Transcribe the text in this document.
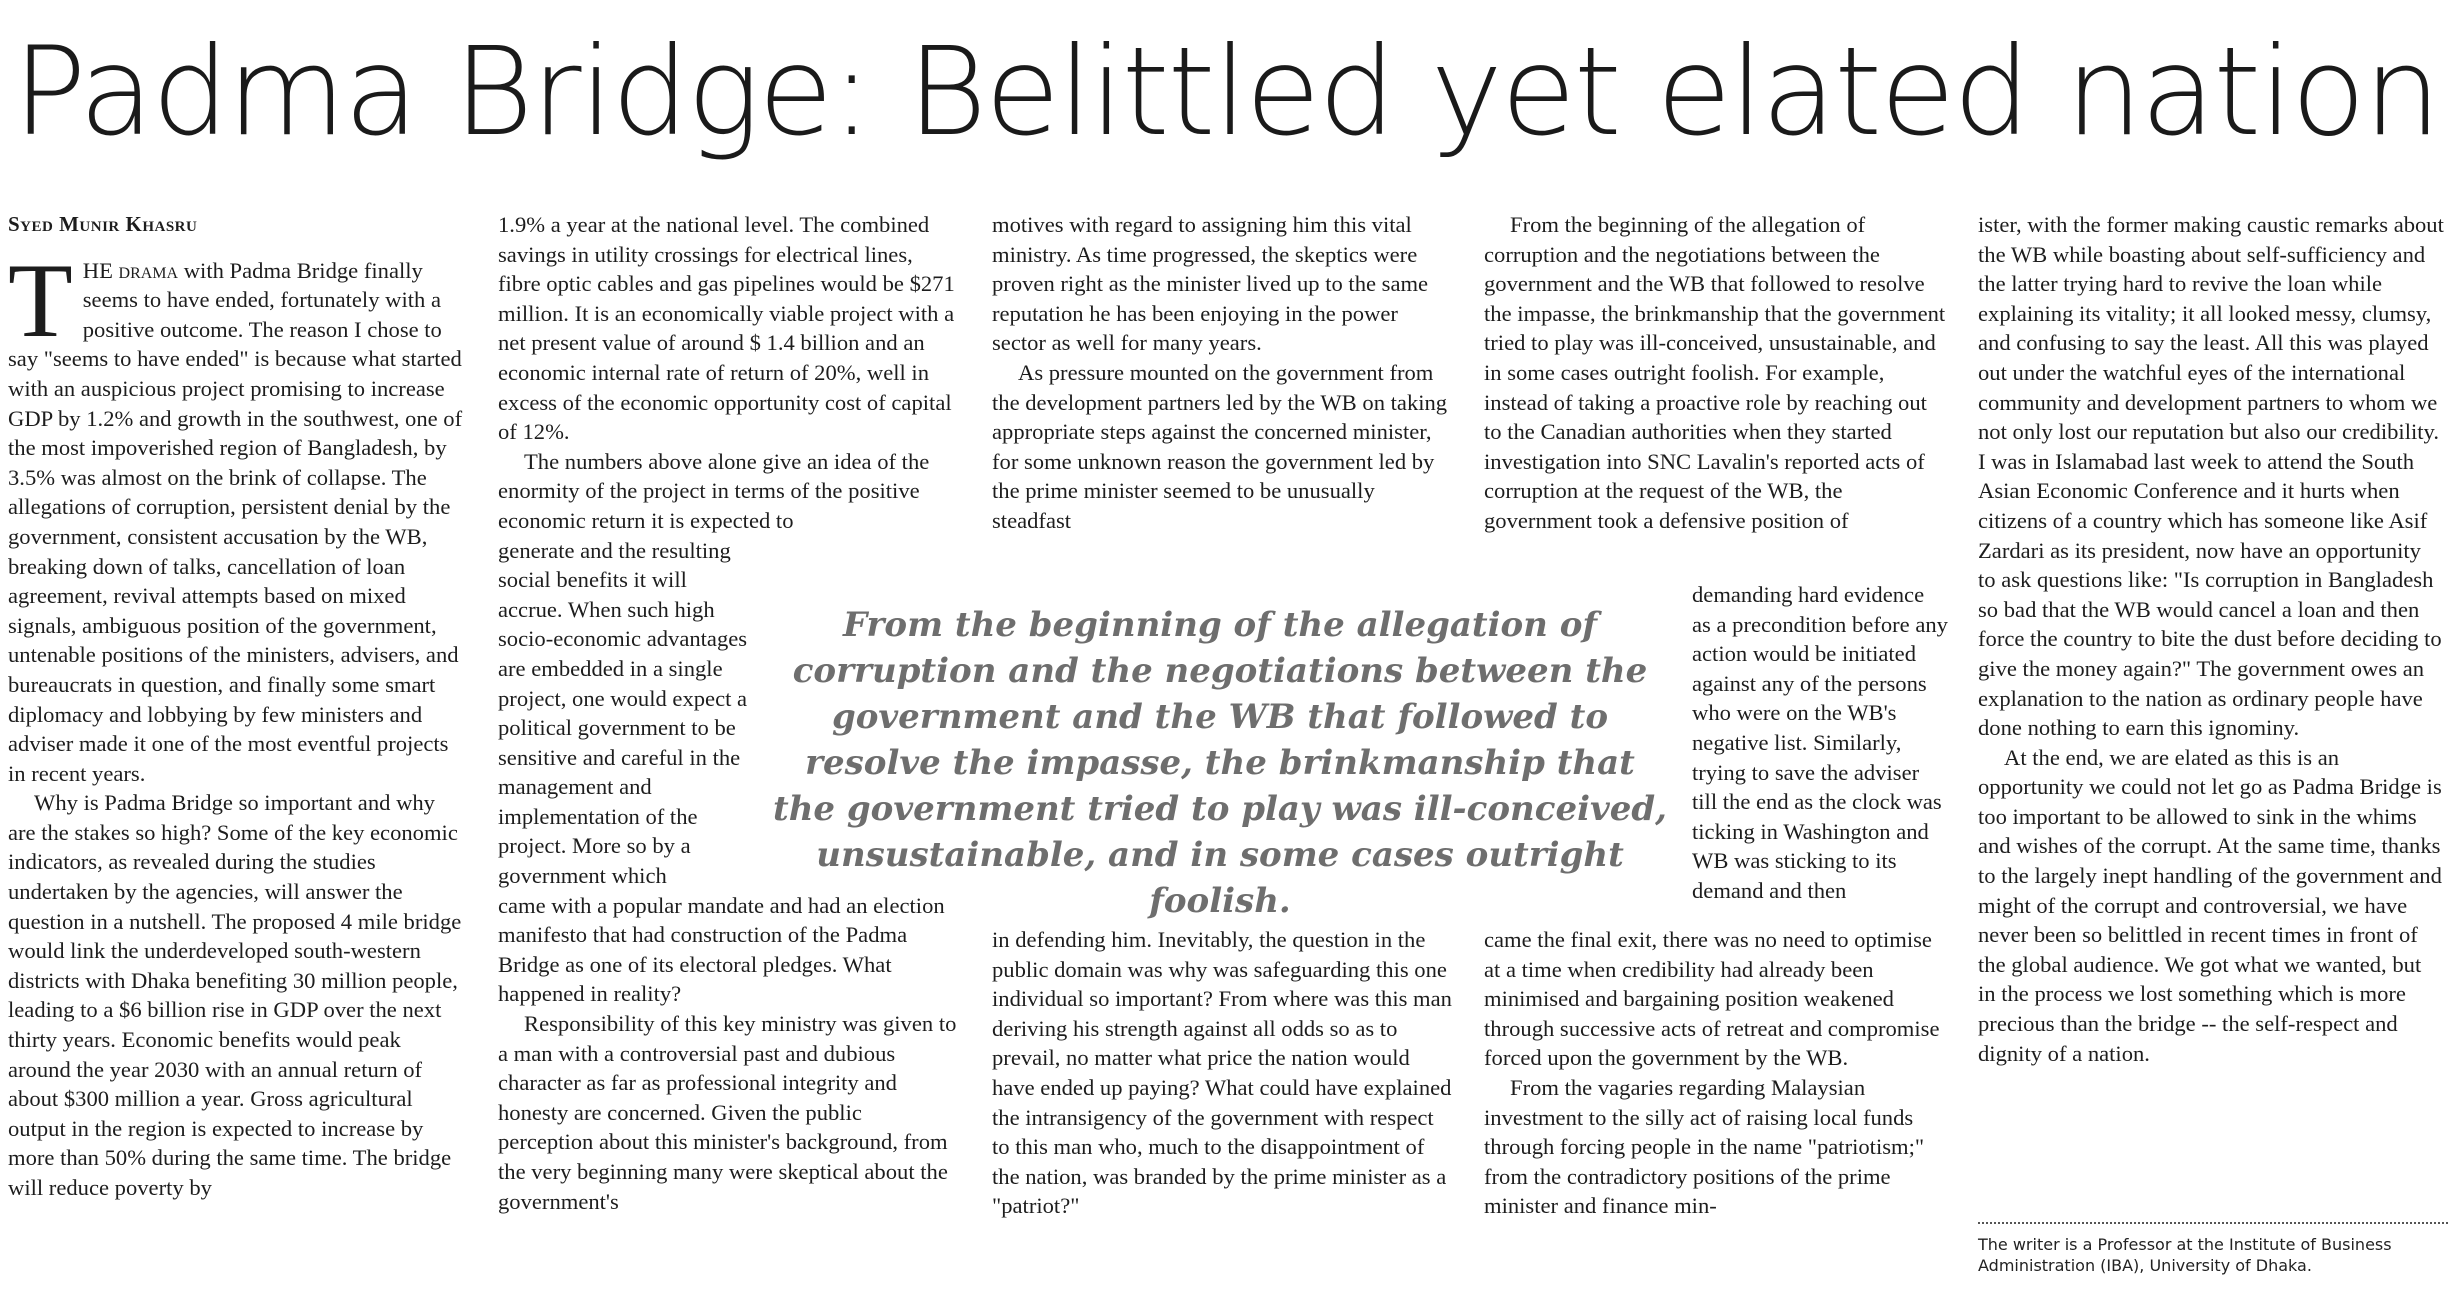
Padma Bridge: Belittled yet elated nation
Syed Munir Khasru

THE drama with Padma Bridge finally seems to have ended, fortunately with a positive outcome. The reason I chose to say "seems to have ended" is because what started with an auspicious project promising to increase GDP by 1.2% and growth in the southwest, one of the most impoverished region of Bangladesh, by 3.5% was almost on the brink of collapse. The allegations of corruption, persistent denial by the government, consistent accusation by the WB, breaking down of talks, cancellation of loan agreement, revival attempts based on mixed signals, ambiguous position of the government, untenable positions of the ministers, advisers, and bureaucrats in question, and finally some smart diplomacy and lobbying by few ministers and adviser made it one of the most eventful projects in recent years.

Why is Padma Bridge so important and why are the stakes so high? Some of the key economic indicators, as revealed during the studies undertaken by the agencies, will answer the question in a nutshell. The proposed 4 mile bridge would link the underdeveloped south-western districts with Dhaka benefiting 30 million people, leading to a $6 billion rise in GDP over the next thirty years. Economic benefits would peak around the year 2030 with an annual return of about $300 million a year. Gross agricultural output in the region is expected to increase by more than 50% during the same time. The bridge will reduce poverty by

1.9% a year at the national level. The combined savings in utility crossings for electrical lines, fibre optic cables and gas pipelines would be $271 million. It is an economically viable project with a net present value of around $ 1.4 billion and an economic internal rate of return of 20%, well in excess of the economic opportunity cost of capital of 12%.

The numbers above alone give an idea of the enormity of the project in terms of the positive economic return it is expected to

generate and the resulting social benefits it will accrue. When such high socio-economic advantages are embedded in a single project, one would expect a political government to be sensitive and careful in the management and implementation of the project. More so by a government which

came with a popular mandate and had an election manifesto that had construction of the Padma Bridge as one of its electoral pledges. What happened in reality?

Responsibility of this key ministry was given to a man with a controversial past and dubious character as far as professional integrity and honesty are concerned. Given the public perception about this minister's background, from the very beginning many were skeptical about the government's

motives with regard to assigning him this vital ministry. As time progressed, the skeptics were proven right as the minister lived up to the same reputation he has been enjoying in the power sector as well for many years.

As pressure mounted on the government from the development partners led by the WB on taking appropriate steps against the concerned minister, for some unknown reason the government led by the prime minister seemed to be unusually steadfast

in defending him. Inevitably, the question in the public domain was why was safeguarding this one individual so important? From where was this man deriving his strength against all odds so as to prevail, no matter what price the nation would have ended up paying? What could have explained the intransigency of the government with respect to this man who, much to the disappointment of the nation, was branded by the prime minister as a "patriot?"

From the beginning of the allegation of corruption and the negotiations between the government and the WB that followed to resolve the impasse, the brinkmanship that the government tried to play was ill-conceived, unsustainable, and in some cases outright foolish. For example, instead of taking a proactive role by reaching out to the Canadian authorities when they started investigation into SNC Lavalin's reported acts of corruption at the request of the WB, the government took a defensive position of

demanding hard evidence as a precondition before any action would be initiated against any of the persons who were on the WB's negative list. Similarly, trying to save the adviser till the end as the clock was ticking in Washington and WB was sticking to its demand and then

came the final exit, there was no need to optimise at a time when credibility had already been minimised and bargaining position weakened through successive acts of retreat and compromise forced upon the government by the WB.

From the vagaries regarding Malaysian investment to the silly act of raising local funds through forcing people in the name "patriotism;" from the contradictory positions of the prime minister and finance min-

ister, with the former making caustic remarks about the WB while boasting about self-sufficiency and the latter trying hard to revive the loan while explaining its vitality; it all looked messy, clumsy, and confusing to say the least. All this was played out under the watchful eyes of the international community and development partners to whom we not only lost our reputation but also our credibility. I was in Islamabad last week to attend the South Asian Economic Conference and it hurts when citizens of a country which has someone like Asif Zardari as its president, now have an opportunity to ask questions like: "Is corruption in Bangladesh so bad that the WB would cancel a loan and then force the country to bite the dust before deciding to give the money again?" The government owes an explanation to the nation as ordinary people have done nothing to earn this ignominy.

At the end, we are elated as this is an opportunity we could not let go as Padma Bridge is too important to be allowed to sink in the whims and wishes of the corrupt. At the same time, thanks to the largely inept handling of the government and might of the corrupt and controversial, we have never been so belittled in recent times in front of the global audience. We got what we wanted, but in the process we lost something which is more precious than the bridge -- the self-respect and dignity of a nation.

From the beginning of the allegation of corruption and the negotiations between the government and the WB that followed to resolve the impasse, the brinkmanship that the government tried to play was ill-conceived, unsustainable, and in some cases outright foolish.

The writer is a Professor at the Institute of Business Administration (IBA), University of Dhaka.
